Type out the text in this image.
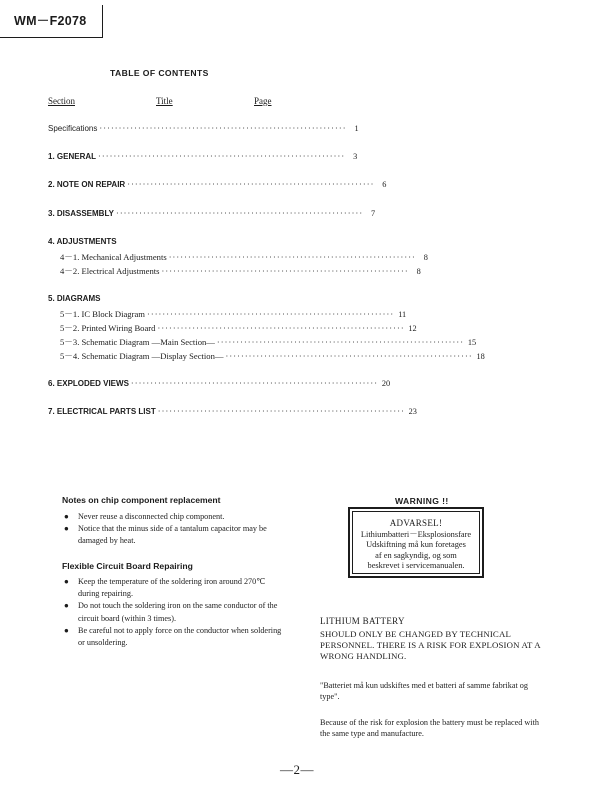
WM－F2078
TABLE OF CONTENTS
Section	Title	Page
Specifications ································································ 1
1. GENERAL ································································ 3
2. NOTE ON REPAIR ································································ 6
3. DISASSEMBLY ································································ 7
4. ADJUSTMENTS
4－1. Mechanical Adjustments ································································ 8
4－2. Electrical Adjustments ································································ 8
5. DIAGRAMS
5－1. IC Block Diagram ································································ 11
5－2. Printed Wiring Board ································································ 12
5－3. Schematic Diagram —Main Section— ································································ 15
5－4. Schematic Diagram —Display Section— ································································ 18
6. EXPLODED VIEWS ································································ 20
7. ELECTRICAL PARTS LIST ································································ 23
Notes on chip component replacement
● Never reuse a disconnected chip component.
● Notice that the minus side of a tantalum capacitor may be damaged by heat.
Flexible Circuit Board Repairing
● Keep the temperature of the soldering iron around 270℃ during repairing.
● Do not touch the soldering iron on the same conductor of the circuit board (within 3 times).
● Be careful not to apply force on the conductor when soldering or unsoldering.
WARNING !!
ADVARSEL!
Lithiumbatteri－Eksplosionsfare
Udskiftning må kun foretages
af en sagkyndig, og som
beskrevet i servicemanualen.
LITHIUM BATTERY
SHOULD ONLY BE CHANGED BY TECHNICAL PERSONNEL. THERE IS A RISK FOR EXPLOSION AT A WRONG HANDLING.
"Batteriet må kun udskiftes med et batteri af samme fabrikat og type".
Because of the risk for explosion the battery must be replaced with the same type and manufacture.
—2—
